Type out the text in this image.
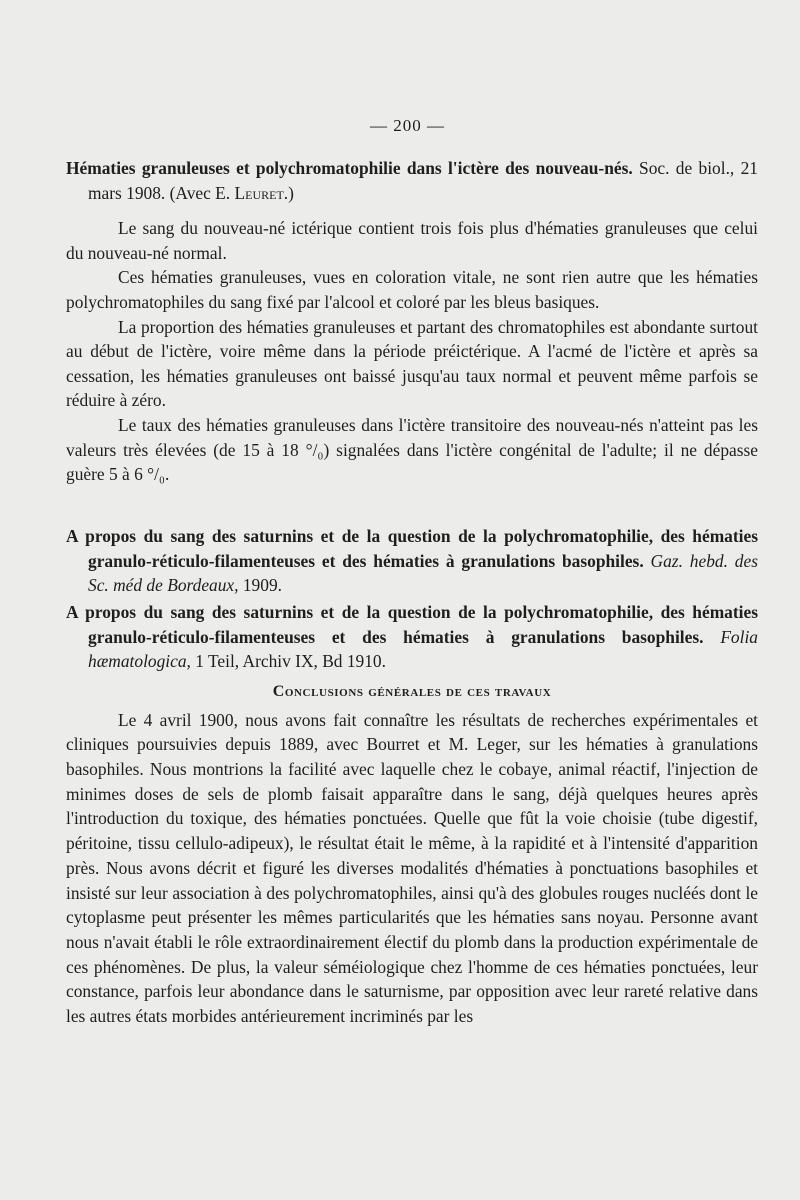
— 200 —

Hématies granuleuses et polychromatophilie dans l'ictère des nouveau-nés. Soc. de biol., 21 mars 1908. (Avec E. Leuret.)

Le sang du nouveau-né ictérique contient trois fois plus d'hématies granuleuses que celui du nouveau-né normal.

Ces hématies granuleuses, vues en coloration vitale, ne sont rien autre que les hématies polychromatophiles du sang fixé par l'alcool et coloré par les bleus basiques.

La proportion des hématies granuleuses et partant des chromatophiles est abondante surtout au début de l'ictère, voire même dans la période préictérique. A l'acmé de l'ictère et après sa cessation, les hématies granuleuses ont baissé jusqu'au taux normal et peuvent même parfois se réduire à zéro.

Le taux des hématies granuleuses dans l'ictère transitoire des nouveau-nés n'atteint pas les valeurs très élevées (de 15 à 18 °/₀) signalées dans l'ictère congénital de l'adulte; il ne dépasse guère 5 à 6 °/₀.

A propos du sang des saturnins et de la question de la polychromatophilie, des hématies granulo-réticulo-filamenteuses et des hématies à granulations basophiles. Gaz. hebd. des Sc. méd de Bordeaux, 1909.

A propos du sang des saturnins et de la question de la polychromatophilie, des hématies granulo-réticulo-filamenteuses et des hématies à granulations basophiles. Folia hæmatologica, 1 Teil, Archiv IX, Bd 1910.

Conclusions générales de ces travaux

Le 4 avril 1900, nous avons fait connaître les résultats de recherches expérimentales et cliniques poursuivies depuis 1889, avec Bourret et M. Leger, sur les hématies à granulations basophiles. Nous montrions la facilité avec laquelle chez le cobaye, animal réactif, l'injection de minimes doses de sels de plomb faisait apparaître dans le sang, déjà quelques heures après l'introduction du toxique, des hématies ponctuées. Quelle que fût la voie choisie (tube digestif, péritoine, tissu cellulo-adipeux), le résultat était le même, à la rapidité et à l'intensité d'apparition près. Nous avons décrit et figuré les diverses modalités d'hématies à ponctuations basophiles et insisté sur leur association à des polychromatophiles, ainsi qu'à des globules rouges nucléés dont le cytoplasme peut présenter les mêmes particularités que les hématies sans noyau. Personne avant nous n'avait établi le rôle extraordinairement électif du plomb dans la production expérimentale de ces phénomènes. De plus, la valeur séméiologique chez l'homme de ces hématies ponctuées, leur constance, parfois leur abondance dans le saturnisme, par opposition avec leur rareté relative dans les autres états morbides antérieurement incriminés par les
